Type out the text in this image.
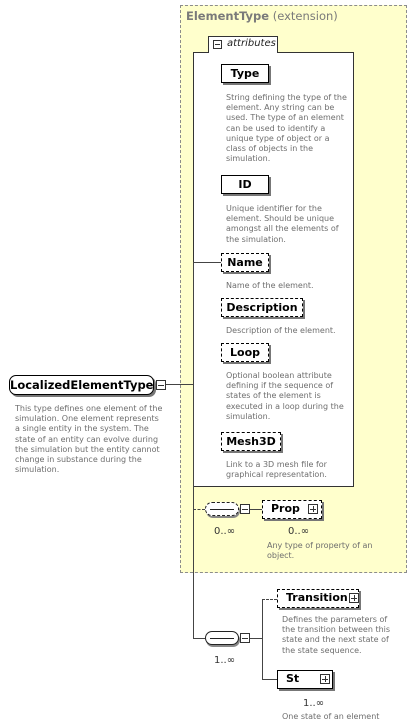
ElementType (extension)
attributes
Type
String defining the type of the element. Any string can be used. The type of an element can be used to identify a unique type of object or a class of objects in the simulation.
ID
Unique identifier for the element. Should be unique amongst all the elements of the simulation.
Name
Name of the element.
Description
Description of the element.
Loop
Optional boolean attribute defining if the sequence of states of the element is executed in a loop during the simulation.
Mesh3D
Link to a 3D mesh file for graphical representation.
LocalizedElementType
This type defines one element of the simulation. One element represents a single entity in the system. The state of an entity can evolve during the simulation but the entity cannot change in substance during the simulation.
0..∞
Prop
0..∞
Any type of property of an object.
1..∞
Transition
Defines the parameters of the transition between this state and the next state of the state sequence.
St
1..∞
One state of an element
